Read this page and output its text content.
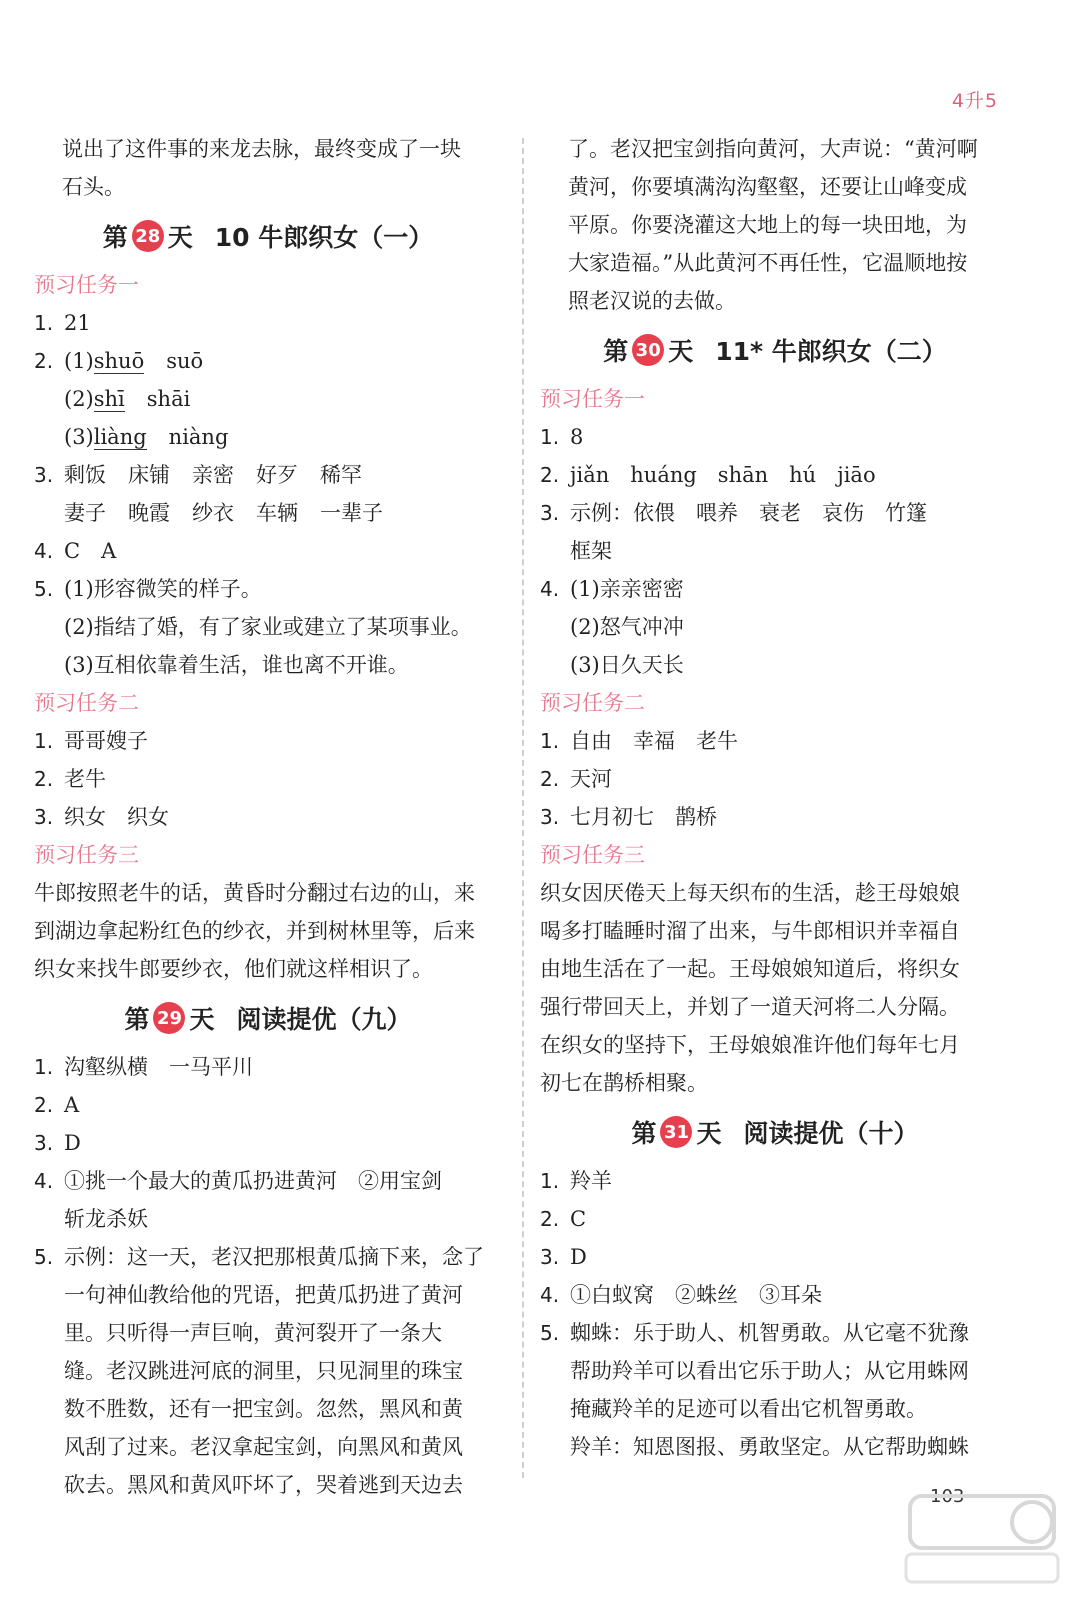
4升5

说出了这件事的来龙去脉，最终变成了一块

石头。

第 28 天 10 牛郎织女（一）
预习任务一
1. 21
2. (1)shuō suō
(2)shī shāi
(3)liàng niàng
3. 剩饭 床铺 亲密 好歹 稀罕
妻子 晚霞 纱衣 车辆 一辈子
4. C　A
5. (1)形容微笑的样子。
(2)指结了婚，有了家业或建立了某项事业。
(3)互相依靠着生活，谁也离不开谁。
预习任务二
1. 哥哥嫂子
2. 老牛
3. 织女　织女
预习任务三

牛郎按照老牛的话，黄昏时分翻过右边的山，来

到湖边拿起粉红色的纱衣，并到树林里等，后来

织女来找牛郎要纱衣，他们就这样相识了。

第 29 天 阅读提优（九）
1. 沟壑纵横　一马平川
2. A
3. D
4. ①挑一个最大的黄瓜扔进黄河　②用宝剑
斩龙杀妖
5. 示例：这一天，老汉把那根黄瓜摘下来，念了
一句神仙教给他的咒语，把黄瓜扔进了黄河
里。只听得一声巨响，黄河裂开了一条大
缝。老汉跳进河底的洞里，只见洞里的珠宝
数不胜数，还有一把宝剑。忽然，黑风和黄
风刮了过来。老汉拿起宝剑，向黑风和黄风
砍去。黑风和黄风吓坏了，哭着逃到天边去

了。老汉把宝剑指向黄河，大声说：“黄河啊

黄河，你要填满沟沟壑壑，还要让山峰变成

平原。你要浇灌这大地上的每一块田地，为

大家造福。”从此黄河不再任性，它温顺地按

照老汉说的去做。

第 30 天 11* 牛郎织女（二）
预习任务一
1. 8
2. jiǎn　huáng　shān　hú　jiāo
3. 示例：依偎　喂养　衰老　哀伤　竹篷
框架
4. (1)亲亲密密
(2)怒气冲冲
(3)日久天长
预习任务二
1. 自由　幸福　老牛
2. 天河
3. 七月初七　鹊桥
预习任务三

织女因厌倦天上每天织布的生活，趁王母娘娘

喝多打瞌睡时溜了出来，与牛郎相识并幸福自

由地生活在了一起。王母娘娘知道后，将织女

强行带回天上，并划了一道天河将二人分隔。

在织女的坚持下，王母娘娘准许他们每年七月

初七在鹊桥相聚。

第 31 天 阅读提优（十）
1. 羚羊
2. C
3. D
4. ①白蚁窝　②蛛丝　③耳朵
5. 蜘蛛：乐于助人、机智勇敢。从它毫不犹豫
帮助羚羊可以看出它乐于助人；从它用蛛网
掩藏羚羊的足迹可以看出它机智勇敢。
羚羊：知恩图报、勇敢坚定。从它帮助蜘蛛
103
